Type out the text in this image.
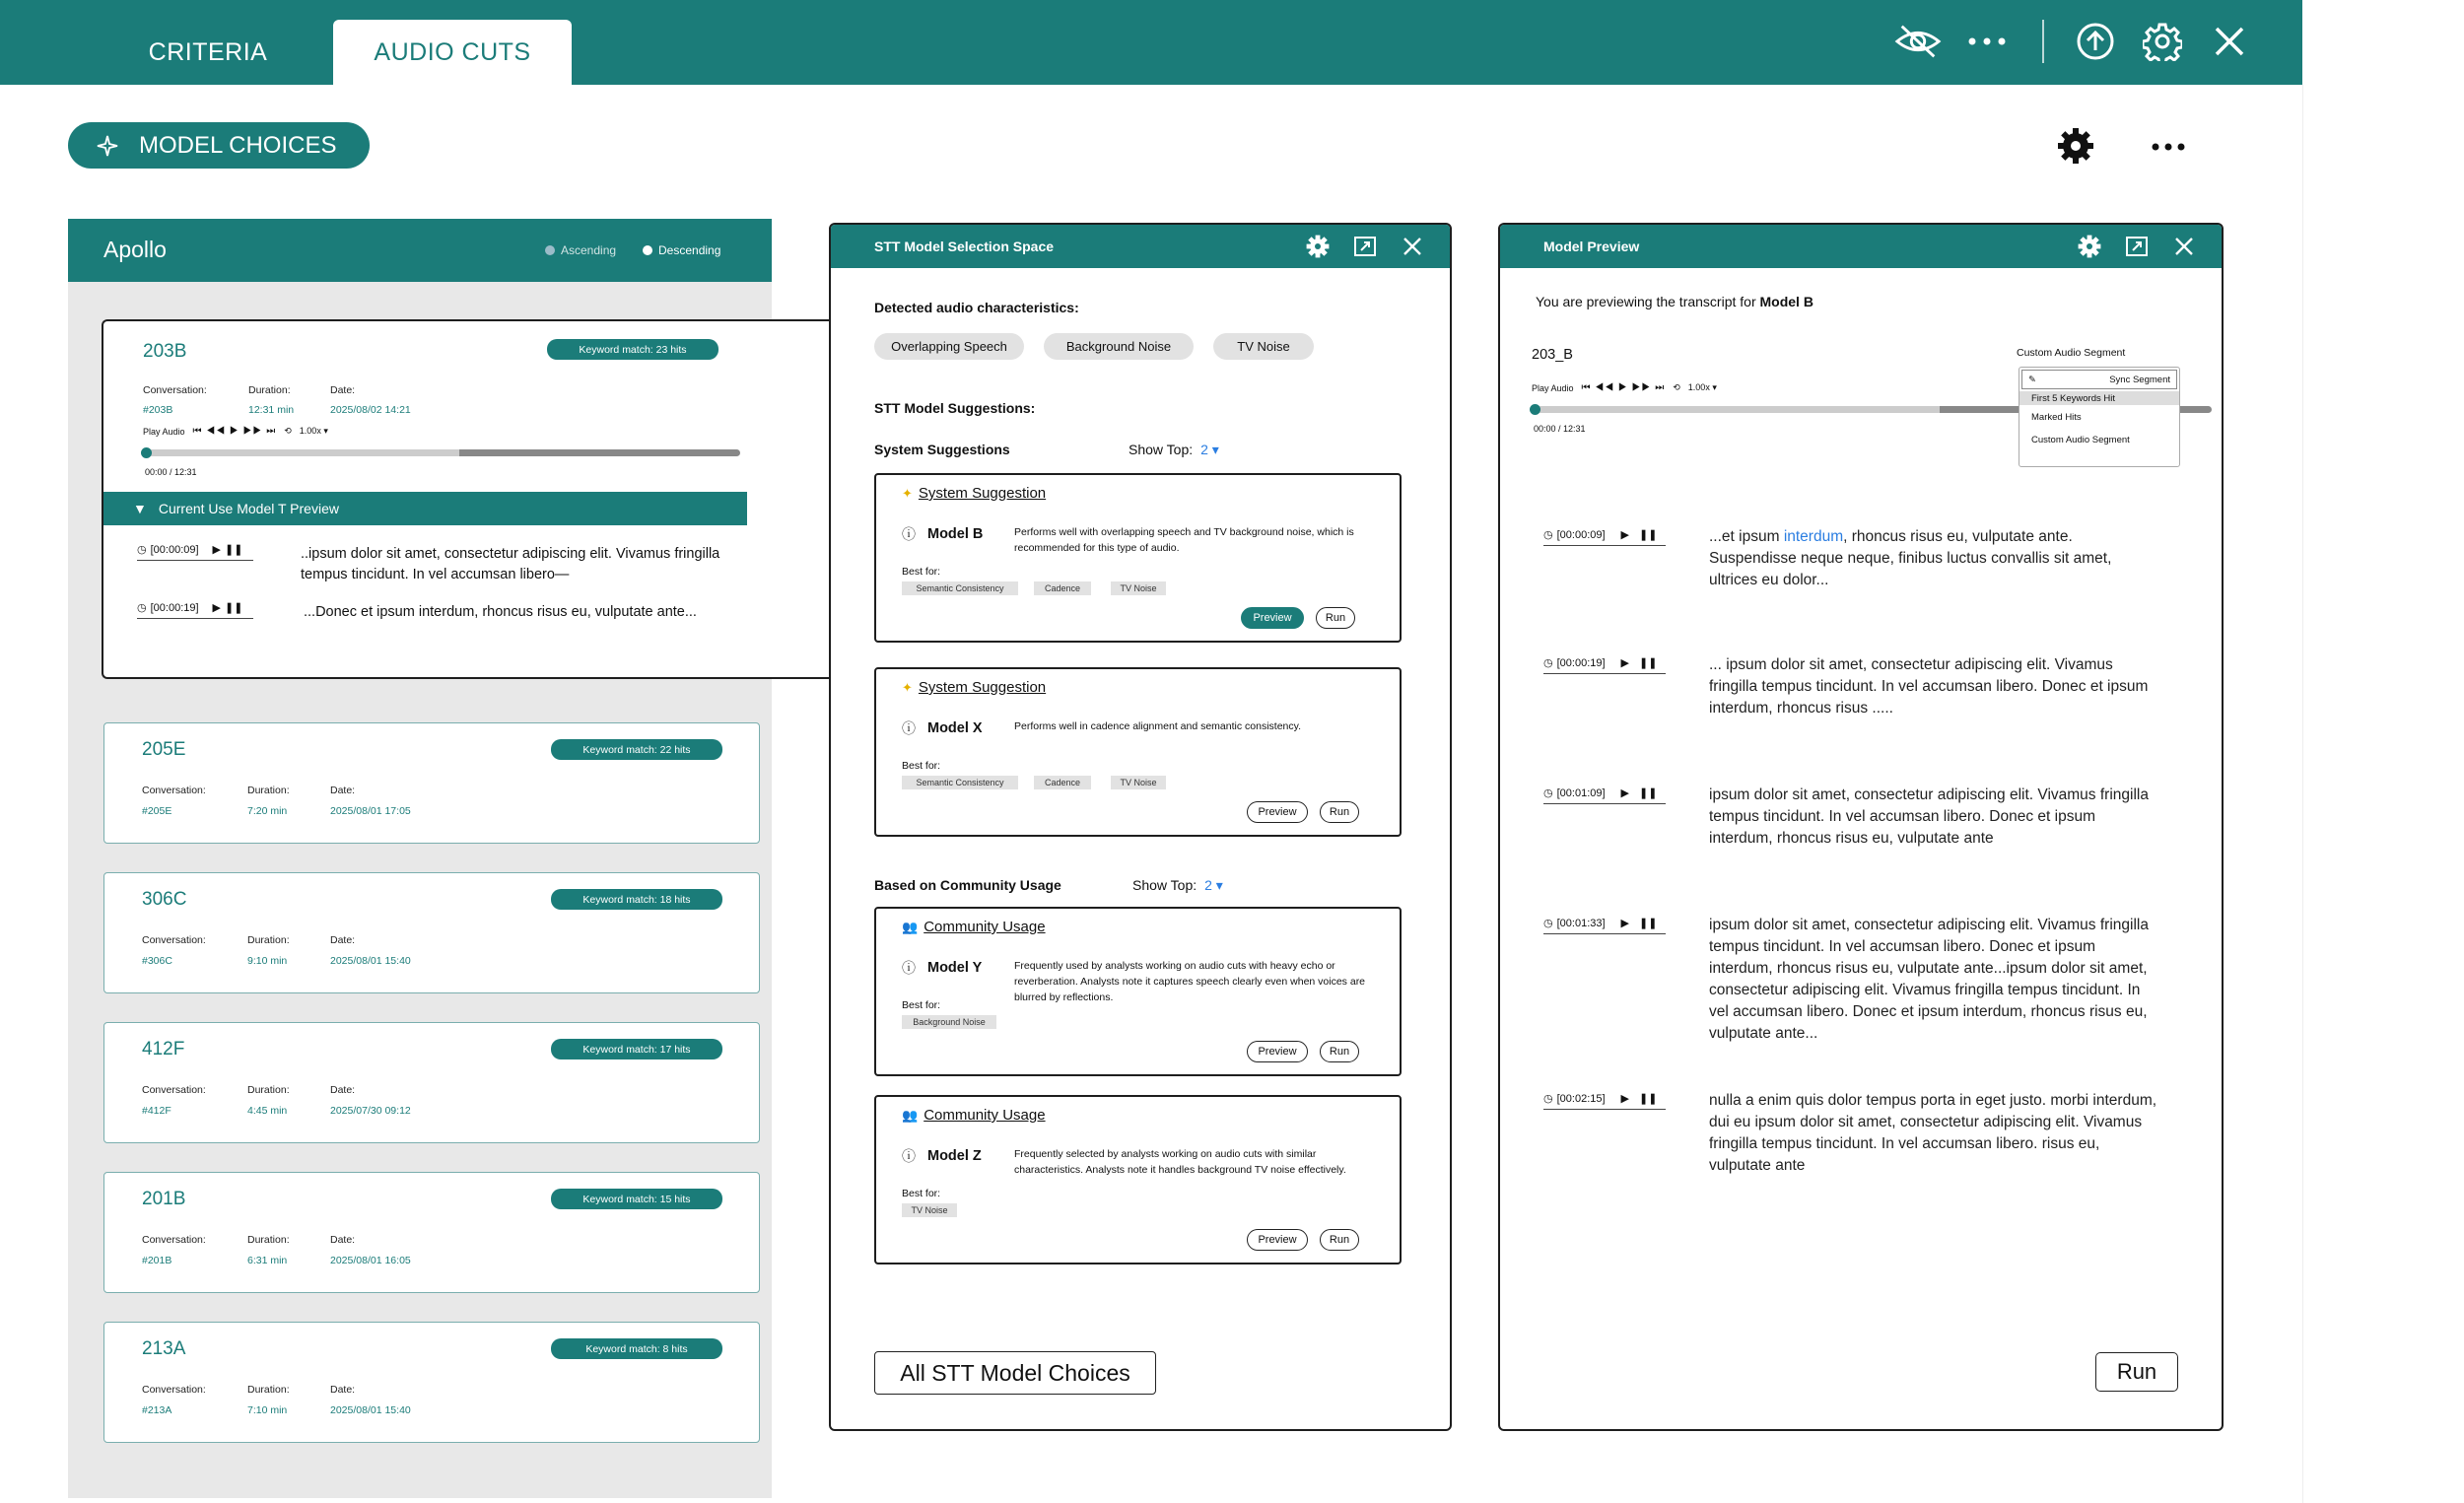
CRITERIA	AUDIO CUTS
MODEL CHOICES
Apollo	Ascending	Descending
203B	Keyword match: 23 hits
Conversation:	Duration:	Date:
#203B	12:31 min	2025/08/02 14:21
Play Audio ⏮ ◀◀ ▶ ▶▶ ⏭ ⟲ 1.00x ▾
00:00 / 12:31
▼ Current Use Model T Preview
◷ [00:00:09] ▶ ❚❚	..ipsum dolor sit amet, consectetur adipiscing elit. Vivamus fringilla tempus tincidunt. In vel accumsan libero—
◷ [00:00:19] ▶ ❚❚	...Donec et ipsum interdum, rhoncus risus eu, vulputate ante...
205E	Keyword match: 22 hits
Conversation:	Duration:	Date:
#205E	7:20 min	2025/08/01 17:05
306C	Keyword match: 18 hits
Conversation:	Duration:	Date:
#306C	9:10 min	2025/08/01 15:40
412F	Keyword match: 17 hits
Conversation:	Duration:	Date:
#412F	4:45 min	2025/07/30 09:12
201B	Keyword match: 15 hits
Conversation:	Duration:	Date:
#201B	6:31 min	2025/08/01 16:05
213A	Keyword match: 8 hits
Conversation:	Duration:	Date:
#213A	7:10 min	2025/08/01 15:40
STT Model Selection Space
Detected audio characteristics:
Overlapping Speech	Background Noise	TV Noise
STT Model Suggestions:
System Suggestions	Show Top: 2 ▾
Based on Community Usage	Show Top: 2 ▾
✦ System Suggestion
ⓘ Model B	Performs well with overlapping speech and TV background noise, which is recommended for this type of audio.
Best for:
Semantic Consistency	Cadence	TV Noise
Preview	Run
✦ System Suggestion
ⓘ Model X	Performs well in cadence alignment and semantic consistency.
Best for:
Semantic Consistency	Cadence	TV Noise
Preview	Run
👥 Community Usage
ⓘ Model Y	Frequently used by analysts working on audio cuts with heavy echo or reverberation. Analysts note it captures speech clearly even when voices are blurred by reflections.
Best for:
Background Noise
Preview	Run
👥 Community Usage
ⓘ Model Z	Frequently selected by analysts working on audio cuts with similar characteristics. Analysts note it handles background TV noise effectively.
Best for:
TV Noise
Preview	Run
All STT Model Choices
Model Preview
You are previewing the transcript for Model B
203_B
Play Audio ⏮ ◀◀ ▶ ▶▶ ⏭ ⟲ 1.00x ▾
00:00 / 12:31
Custom Audio Segment
✎	Sync Segment
First 5 Keywords Hit
Marked Hits
Custom Audio Segment
◷ [00:00:09] ▶ ❚❚	...et ipsum interdum, rhoncus risus eu, vulputate ante. Suspendisse neque neque, finibus luctus convallis sit amet, ultrices eu dolor...
◷ [00:00:19] ▶ ❚❚	... ipsum dolor sit amet, consectetur adipiscing elit. Vivamus fringilla tempus tincidunt. In vel accumsan libero. Donec et ipsum interdum, rhoncus risus .....
◷ [00:01:09] ▶ ❚❚	ipsum dolor sit amet, consectetur adipiscing elit. Vivamus fringilla tempus tincidunt. In vel accumsan libero. Donec et ipsum interdum, rhoncus risus eu, vulputate ante
◷ [00:01:33] ▶ ❚❚	ipsum dolor sit amet, consectetur adipiscing elit. Vivamus fringilla tempus tincidunt. In vel accumsan libero. Donec et ipsum interdum, rhoncus risus eu, vulputate ante...ipsum dolor sit amet, consectetur adipiscing elit. Vivamus fringilla tempus tincidunt. In vel accumsan libero. Donec et ipsum interdum, rhoncus risus eu, vulputate ante...
◷ [00:02:15] ▶ ❚❚	nulla a enim quis dolor tempus porta in eget justo. morbi interdum, dui eu ipsum dolor sit amet, consectetur adipiscing elit. Vivamus fringilla tempus tincidunt. In vel accumsan libero. risus eu, vulputate ante
Run
